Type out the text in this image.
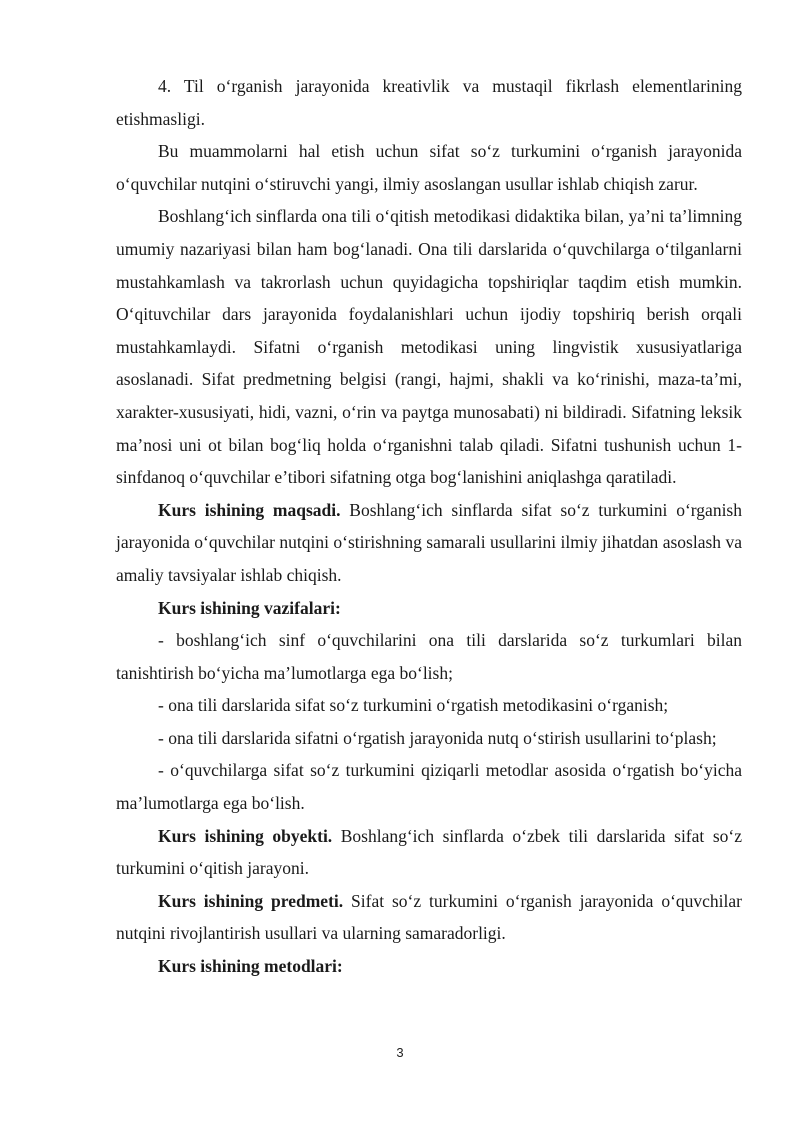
4. Til o‘rganish jarayonida kreativlik va mustaqil fikrlash elementlarining etishmasligi.

Bu muammolarni hal etish uchun sifat so‘z turkumini o‘rganish jarayonida o‘quvchilar nutqini o‘stiruvchi yangi, ilmiy asoslangan usullar ishlab chiqish zarur.

Boshlang‘ich sinflarda ona tili o‘qitish metodikasi didaktika bilan, ya’ni ta’limning umumiy nazariyasi bilan ham bog‘lanadi. Ona tili darslarida o‘quvchilarga o‘tilganlarni mustahkamlash va takrorlash uchun quyidagicha topshiriqlar taqdim etish mumkin. O‘qituvchilar dars jarayonida foydalanishlari uchun ijodiy topshiriq berish orqali mustahkamlaydi. Sifatni o‘rganish metodikasi uning lingvistik xususiyatlariga asoslanadi. Sifat predmetning belgisi (rangi, hajmi, shakli va ko‘rinishi, maza-ta’mi, xarakter-xususiyati, hidi, vazni, o‘rin va paytga munosabati) ni bildiradi. Sifatning leksik ma’nosi uni ot bilan bog‘liq holda o‘rganishni talab qiladi. Sifatni tushunish uchun 1-sinfdanoq o‘quvchilar e’tibori sifatning otga bog‘lanishini aniqlashga qaratiladi.

Kurs ishining maqsadi. Boshlang‘ich sinflarda sifat so‘z turkumini o‘rganish jarayonida o‘quvchilar nutqini o‘stirishning samarali usullarini ilmiy jihatdan asoslash va amaliy tavsiyalar ishlab chiqish.

Kurs ishining vazifalari:

- boshlang‘ich sinf o‘quvchilarini ona tili darslarida so‘z turkumlari bilan tanishtirish bo‘yicha ma’lumotlarga ega bo‘lish;

- ona tili darslarida sifat so‘z turkumini o‘rgatish metodikasini o‘rganish;

- ona tili darslarida sifatni o‘rgatish jarayonida nutq o‘stirish usullarini to‘plash;

- o‘quvchilarga sifat so‘z turkumini qiziqarli metodlar asosida o‘rgatish bo‘yicha ma’lumotlarga ega bo‘lish.

Kurs ishining obyekti. Boshlang‘ich sinflarda o‘zbek tili darslarida sifat so‘z turkumini o‘qitish jarayoni.

Kurs ishining predmeti. Sifat so‘z turkumini o‘rganish jarayonida o‘quvchilar nutqini rivojlantirish usullari va ularning samaradorligi.

Kurs ishining metodlari:

3
